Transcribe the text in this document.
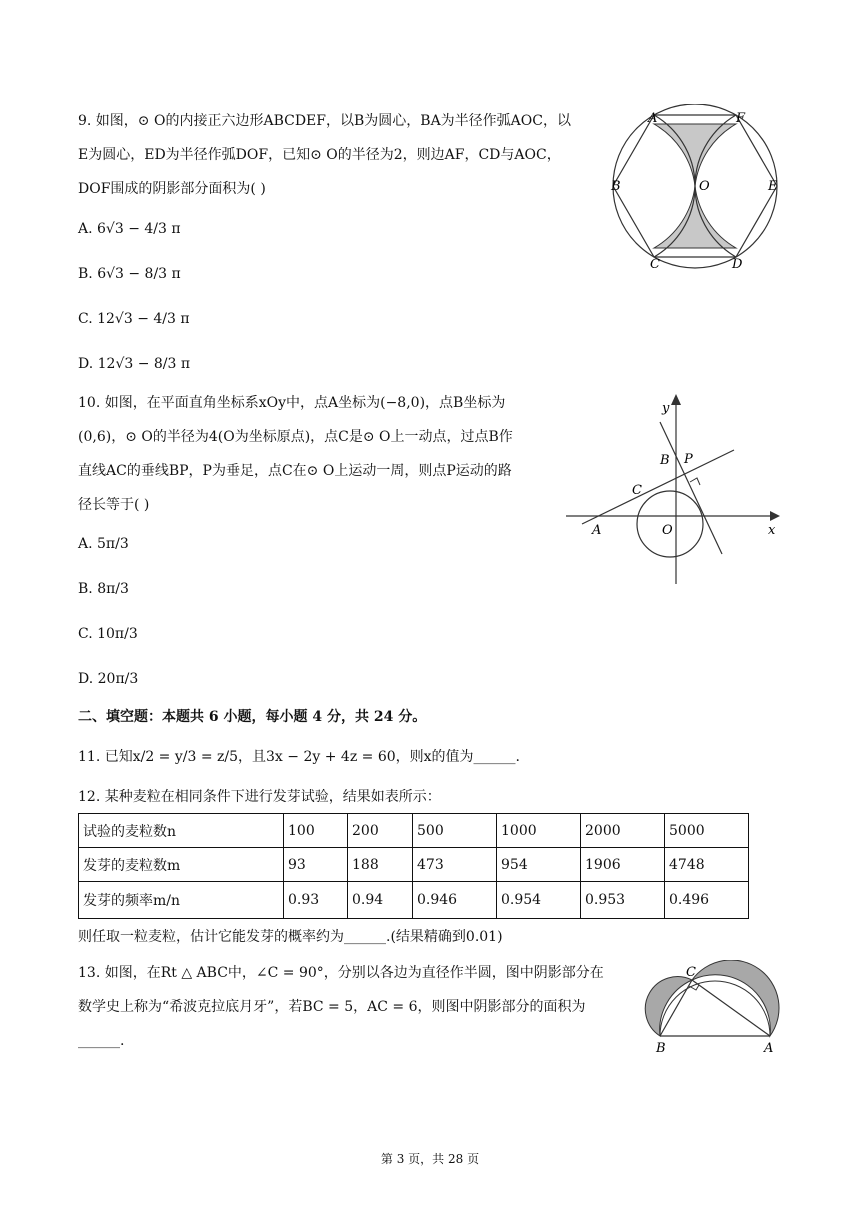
9. 如图，⊙ O的内接正六边形ABCDEF，以B为圆心，BA为半径作弧AOC，以
E为圆心，ED为半径作弧DOF，已知⊙ O的半径为2，则边AF，CD与AOC，
DOF围成的阴影部分面积为( )
A. 6√3 − 4/3 π
B. 6√3 − 8/3 π
C. 12√3 − 4/3 π
D. 12√3 − 8/3 π
A	F
B	O	E
C	D
10. 如图，在平面直角坐标系xOy中，点A坐标为(−8,0)，点B坐标为
(0,6)，⊙ O的半径为4(O为坐标原点)，点C是⊙ O上一动点，过点B作
直线AC的垂线BP，P为垂足，点C在⊙ O上运动一周，则点P运动的路
径长等于( )
A. 5π/3
B. 8π/3
C. 10π/3
D. 20π/3
y
B P
C
A	O	x
二、填空题：本题共 6 小题，每小题 4 分，共 24 分。
11. 已知x/2 = y/3 = z/5，且3x − 2y + 4z = 60，则x的值为______.
12. 某种麦粒在相同条件下进行发芽试验，结果如表所示：
试验的麦粒数n	100	200	500	1000	2000	5000
发芽的麦粒数m	93	188	473	954	1906	4748
发芽的频率m/n	0.93	0.94	0.946	0.954	0.953	0.496
则任取一粒麦粒，估计它能发芽的概率约为______.(结果精确到0.01)
13. 如图，在Rt △ ABC中，∠C = 90°，分别以各边为直径作半圆，图中阴影部分在
数学史上称为“希波克拉底月牙”，若BC = 5，AC = 6，则图中阴影部分的面积为
______.
C
B	A
第 3 页，共 28 页
